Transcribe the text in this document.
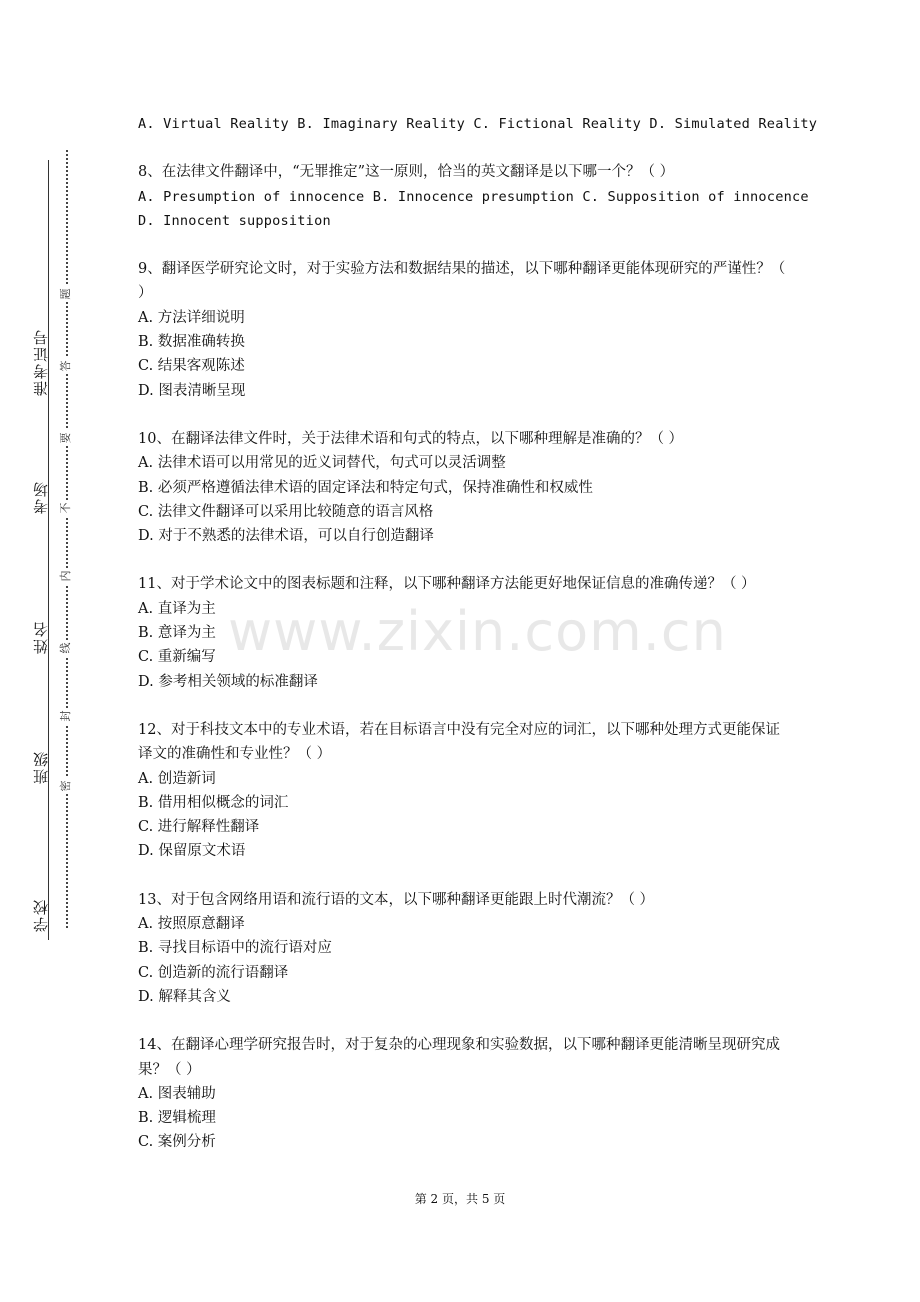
准考证号
考场
姓名
班级
学校
题
答
要
不
内
线
封
密
www.zixin.com.cn

A. Virtual Reality B. Imaginary Reality C. Fictional Reality D. Simulated Reality

8、在法律文件翻译中，“无罪推定”这一原则，恰当的英文翻译是以下哪一个？（ ）

A. Presumption of innocence B. Innocence presumption C. Supposition of innocence

D. Innocent supposition

9、翻译医学研究论文时，对于实验方法和数据结果的描述，以下哪种翻译更能体现研究的严谨性？（ ）

A. 方法详细说明

B. 数据准确转换

C. 结果客观陈述

D. 图表清晰呈现

10、在翻译法律文件时，关于法律术语和句式的特点，以下哪种理解是准确的？（ ）

A. 法律术语可以用常见的近义词替代，句式可以灵活调整

B. 必须严格遵循法律术语的固定译法和特定句式，保持准确性和权威性

C. 法律文件翻译可以采用比较随意的语言风格

D. 对于不熟悉的法律术语，可以自行创造翻译

11、对于学术论文中的图表标题和注释，以下哪种翻译方法能更好地保证信息的准确传递？（ ）

A. 直译为主

B. 意译为主

C. 重新编写

D. 参考相关领域的标准翻译

12、对于科技文本中的专业术语，若在目标语言中没有完全对应的词汇，以下哪种处理方式更能保证译文的准确性和专业性？（ ）

A. 创造新词

B. 借用相似概念的词汇

C. 进行解释性翻译

D. 保留原文术语

13、对于包含网络用语和流行语的文本，以下哪种翻译更能跟上时代潮流？（ ）

A. 按照原意翻译

B. 寻找目标语中的流行语对应

C. 创造新的流行语翻译

D. 解释其含义

14、在翻译心理学研究报告时，对于复杂的心理现象和实验数据，以下哪种翻译更能清晰呈现研究成果？（ ）

A. 图表辅助

B. 逻辑梳理

C. 案例分析

第 2 页，共 5 页
